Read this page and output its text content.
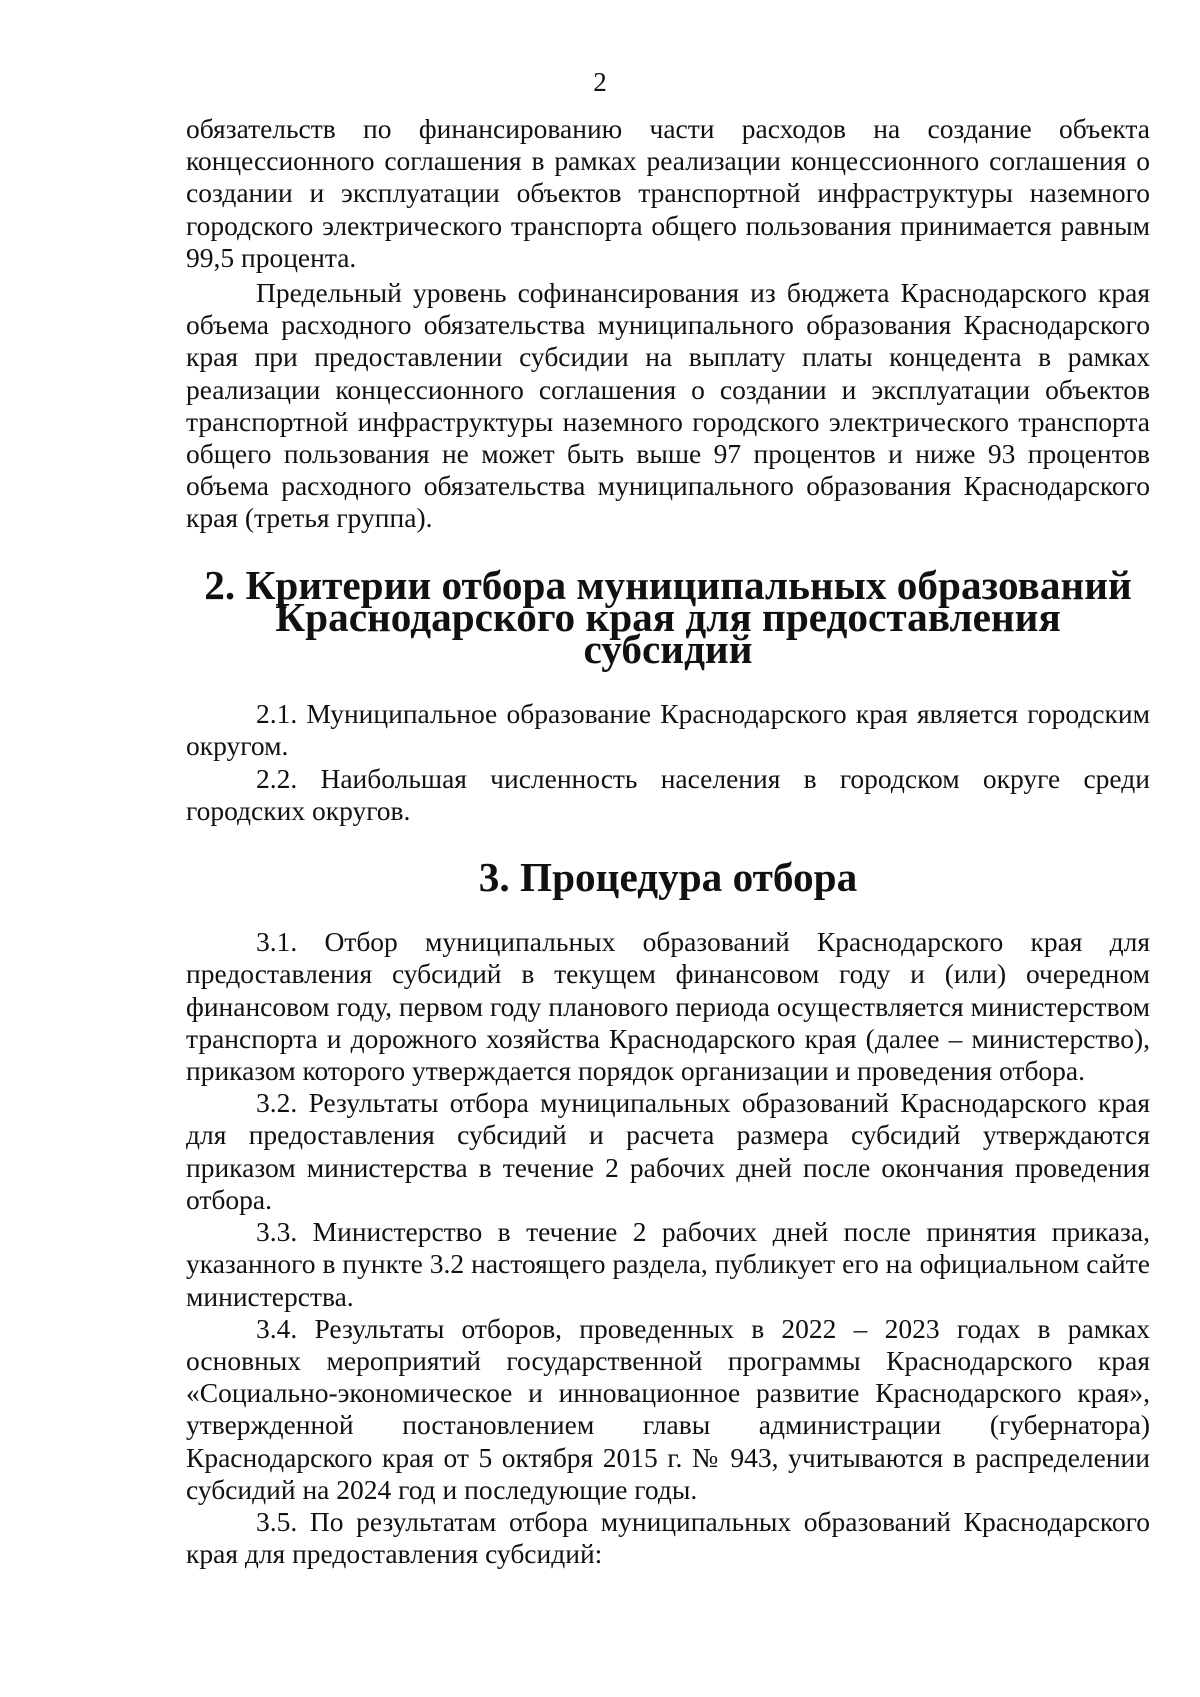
2

обязательств по финансированию части расходов на создание объекта концессионного соглашения в рамках реализации концессионного соглашения о создании и эксплуатации объектов транспортной инфраструктуры наземного городского электрического транспорта общего пользования принимается равным 99,5 процента.

Предельный уровень софинансирования из бюджета Краснодарского края объема расходного обязательства муниципального образования Краснодарского края при предоставлении субсидии на выплату платы концедента в рамках реализации концессионного соглашения о создании и эксплуатации объектов транспортной инфраструктуры наземного городского электрического транспорта общего пользования не может быть выше 97 процентов и ниже 93 процентов объема расходного обязательства муниципального образования Краснодарского края (третья группа).

2. Критерии отбора муниципальных образований
Краснодарского края для предоставления субсидий

2.1. Муниципальное образование Краснодарского края является городским округом.

2.2. Наибольшая численность населения в городском округе среди городских округов.

3. Процедура отбора

3.1. Отбор муниципальных образований Краснодарского края для предоставления субсидий в текущем финансовом году и (или) очередном финансовом году, первом году планового периода осуществляется министерством транспорта и дорожного хозяйства Краснодарского края (далее – министерство), приказом которого утверждается порядок организации и проведения отбора.

3.2. Результаты отбора муниципальных образований Краснодарского края для предоставления субсидий и расчета размера субсидий утверждаются приказом министерства в течение 2 рабочих дней после окончания проведения отбора.

3.3. Министерство в течение 2 рабочих дней после принятия приказа, указанного в пункте 3.2 настоящего раздела, публикует его на официальном сайте министерства.

3.4. Результаты отборов, проведенных в 2022 – 2023 годах в рамках основных мероприятий государственной программы Краснодарского края «Социально-экономическое и инновационное развитие Краснодарского края», утвержденной постановлением главы администрации (губернатора) Краснодарского края от 5 октября 2015 г. № 943, учитываются в распределении субсидий на 2024 год и последующие годы.

3.5. По результатам отбора муниципальных образований Краснодарского края для предоставления субсидий:
